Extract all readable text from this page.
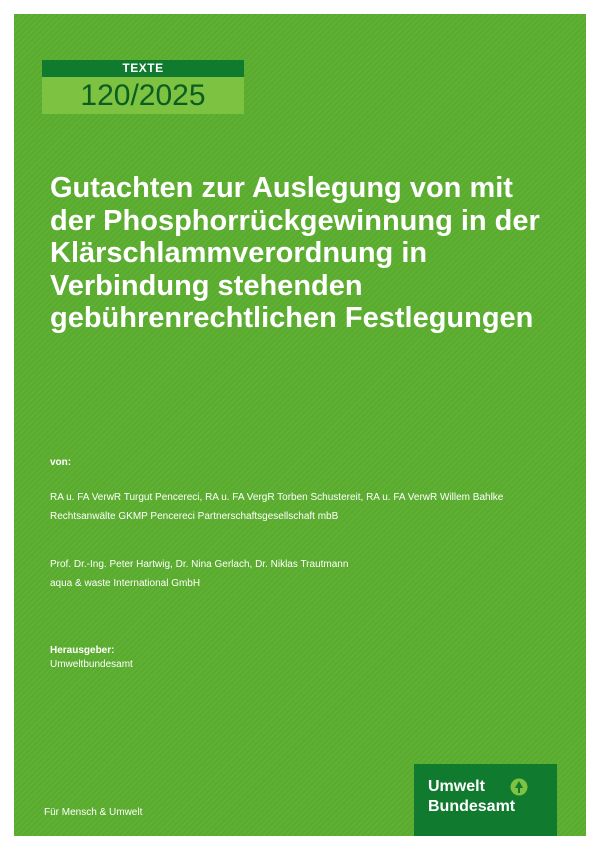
TEXTE
120/2025
Gutachten zur Auslegung von mit der Phosphorrückgewinnung in der Klärschlammverordnung in Verbindung stehenden gebührenrechtlichen Festlegungen

von:

RA u. FA VerwR Turgut Pencereci, RA u. FA VergR Torben Schustereit, RA u. FA VerwR Willem Bahlke

Rechtsanwälte GKMP Pencereci Partnerschaftsgesellschaft mbB

Prof. Dr.-Ing. Peter Hartwig, Dr. Nina Gerlach, Dr. Niklas Trautmann

aqua & waste International GmbH

Herausgeber:

Umweltbundesamt

Für Mensch & Umwelt
Umwelt
Bundesamt
